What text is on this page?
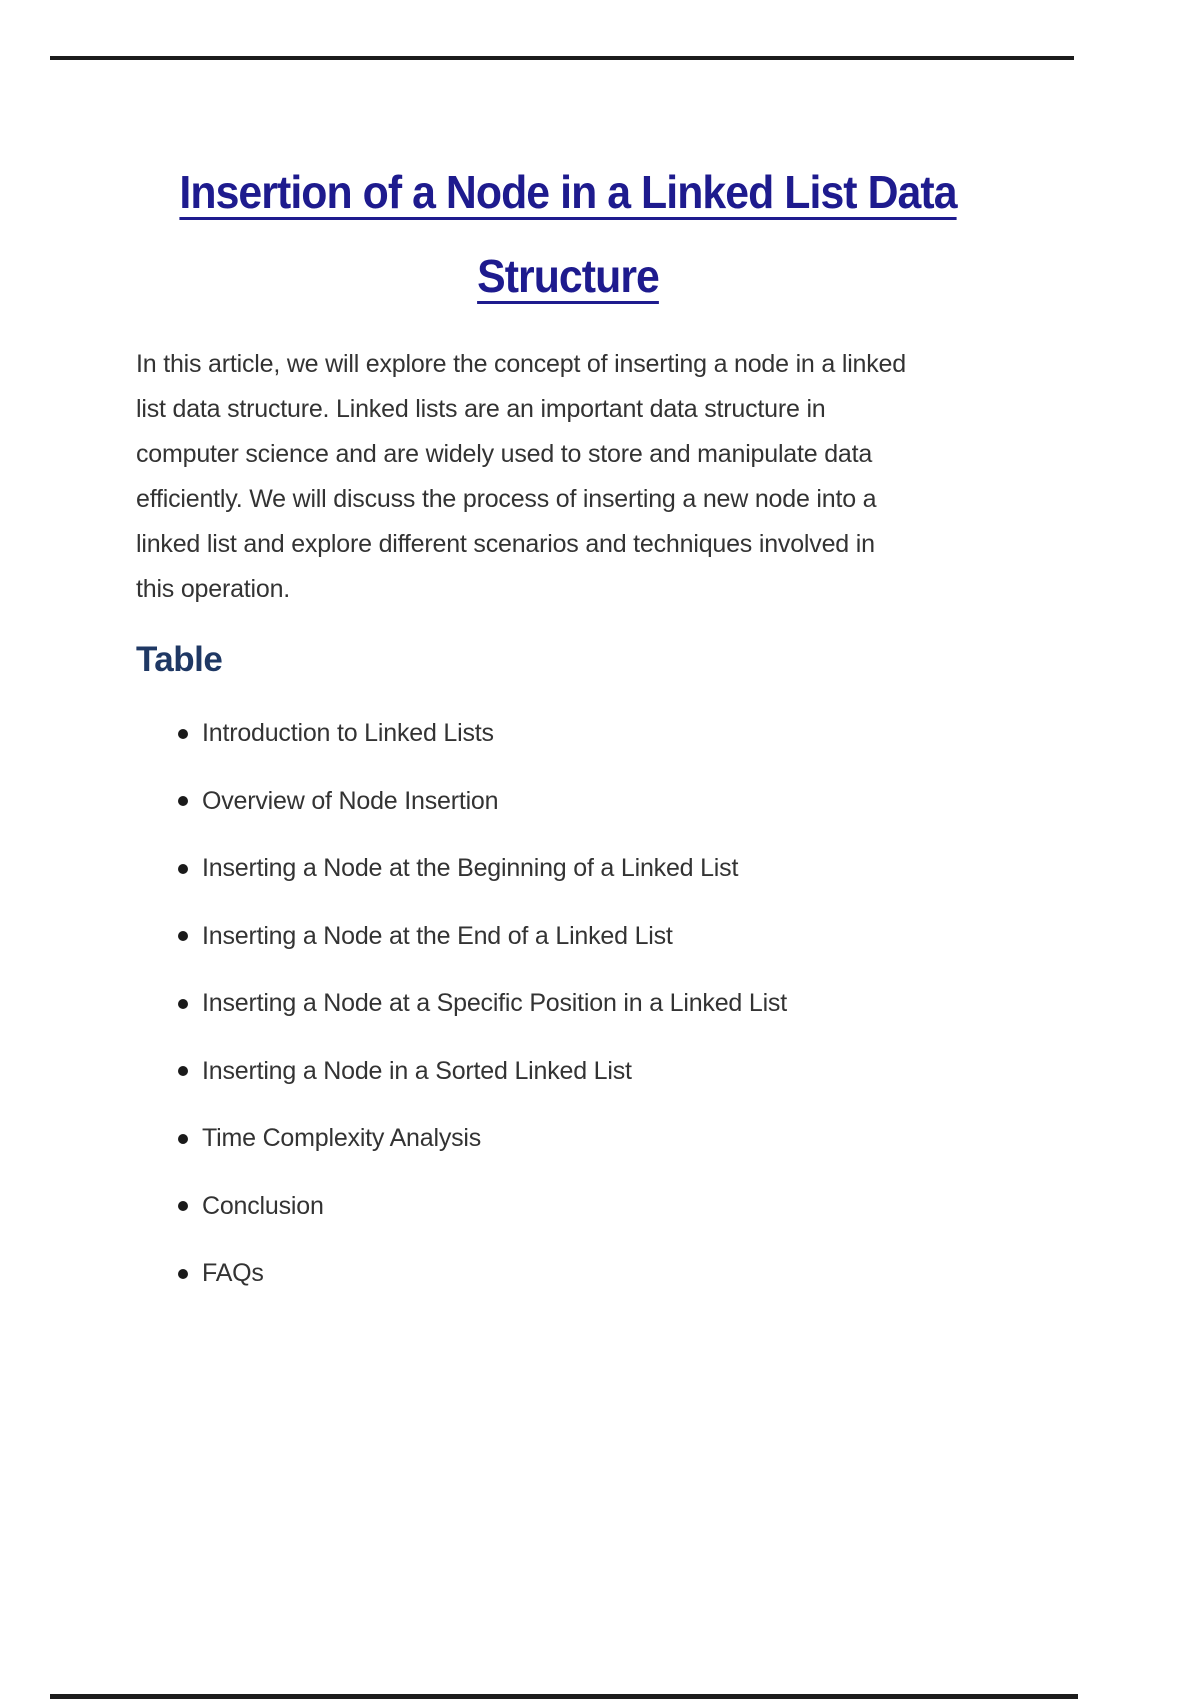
Insertion of a Node in a Linked List Data
Structure
In this article, we will explore the concept of inserting a node in a linked
list data structure. Linked lists are an important data structure in
computer science and are widely used to store and manipulate data
efficiently. We will discuss the process of inserting a new node into a
linked list and explore different scenarios and techniques involved in
this operation.
Table
Introduction to Linked Lists
Overview of Node Insertion
Inserting a Node at the Beginning of a Linked List
Inserting a Node at the End of a Linked List
Inserting a Node at a Specific Position in a Linked List
Inserting a Node in a Sorted Linked List
Time Complexity Analysis
Conclusion
FAQs
